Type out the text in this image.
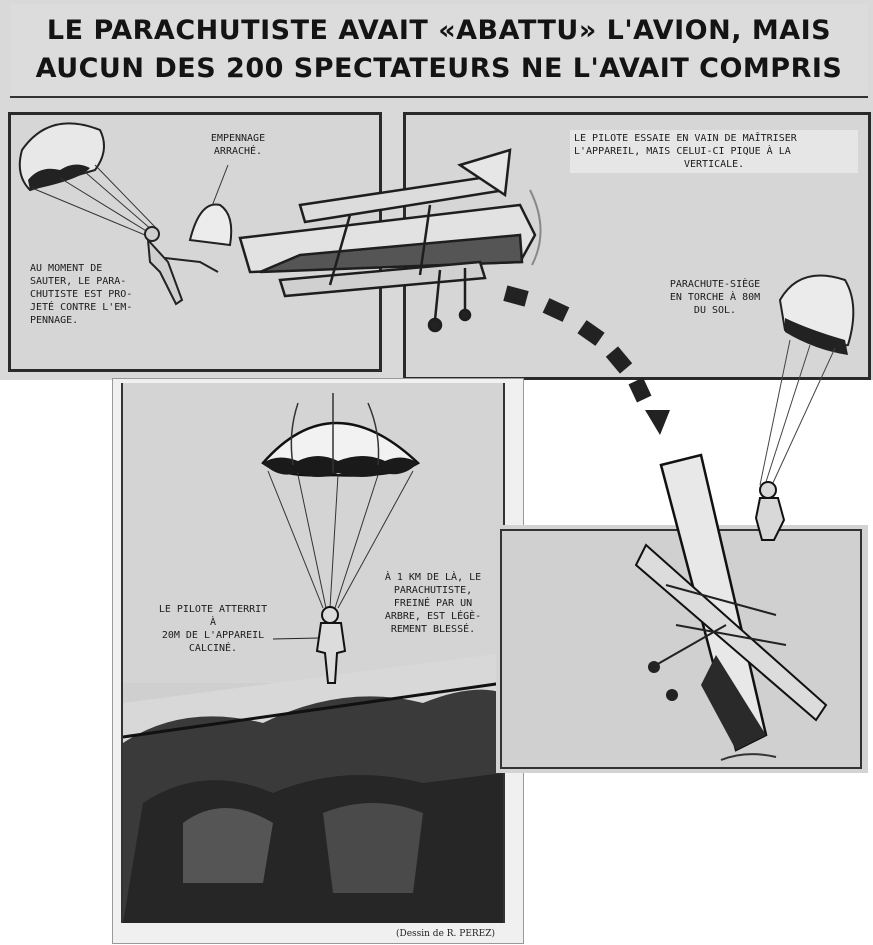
LE PARACHUTISTE AVAIT «ABATTU» L'AVION, MAIS
AUCUN DES 200 SPECTATEURS NE L'AVAIT COMPRIS
EMPENNAGE
ARRACHÉ.
AU MOMENT DE
SAUTER, LE PARA-
CHUTISTE EST PRO-
JETÉ CONTRE L'EM-
PENNAGE.
LE PILOTE ESSAIE EN VAIN DE MAÎTRISER
L'APPAREIL, MAIS CELUI-CI PIQUE À LA
VERTICALE.
PARACHUTE-SIÈGE
EN TORCHE À 80M
DU SOL.
LE PILOTE ATTERRIT À
20M DE L'APPAREIL
CALCINÉ.
À 1 KM DE LÀ, LE
PARACHUTISTE,
FREINÉ PAR UN
ARBRE, EST LÉGÈ-
REMENT BLESSÉ.
(Dessin de R. PEREZ)
